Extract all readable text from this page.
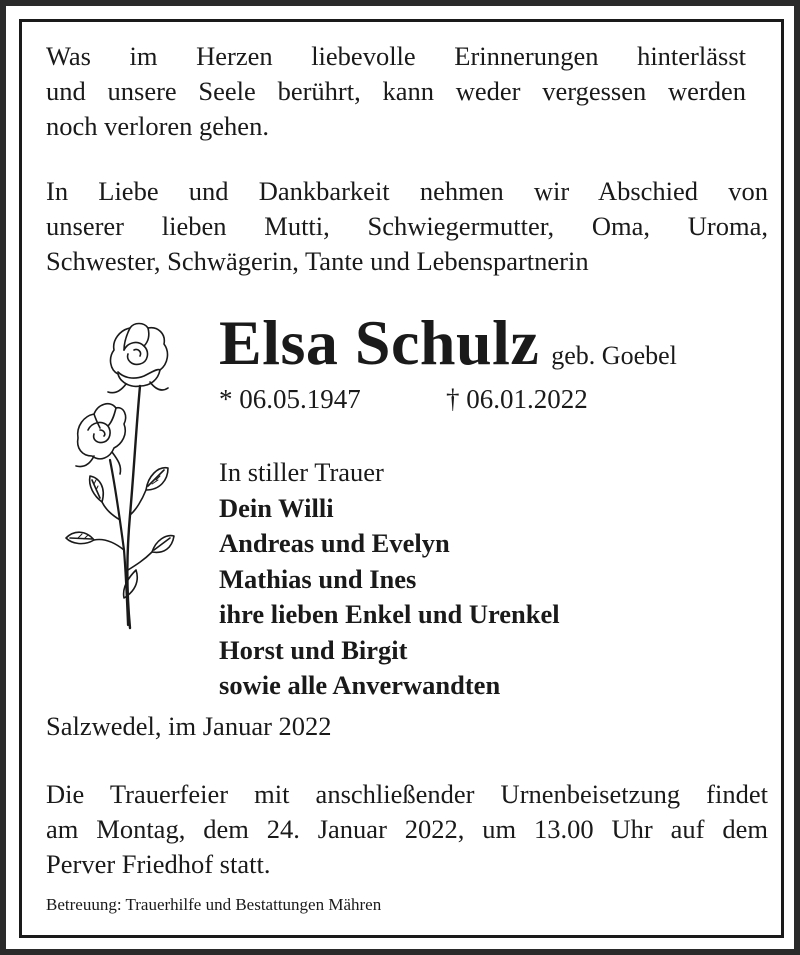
Was im Herzen liebevolle Erinnerungen hinterlässt
und unsere Seele berührt, kann weder vergessen werden
noch verloren gehen.

In Liebe und Dankbarkeit nehmen wir Abschied von
unserer lieben Mutti, Schwiegermutter, Oma, Uroma,
Schwester, Schwägerin, Tante und Lebenspartnerin

Elsa Schulz geb. Goebel
* 06.05.1947	† 06.01.2022
In stiller Trauer
Dein Willi
Andreas und Evelyn
Mathias und Ines
ihre lieben Enkel und Urenkel
Horst und Birgit
sowie alle Anverwandten
Salzwedel, im Januar 2022

Die Trauerfeier mit anschließender Urnenbeisetzung findet
am Montag, dem 24. Januar 2022, um 13.00 Uhr auf dem
Perver Friedhof statt.

Betreuung: Trauerhilfe und Bestattungen Mähren
